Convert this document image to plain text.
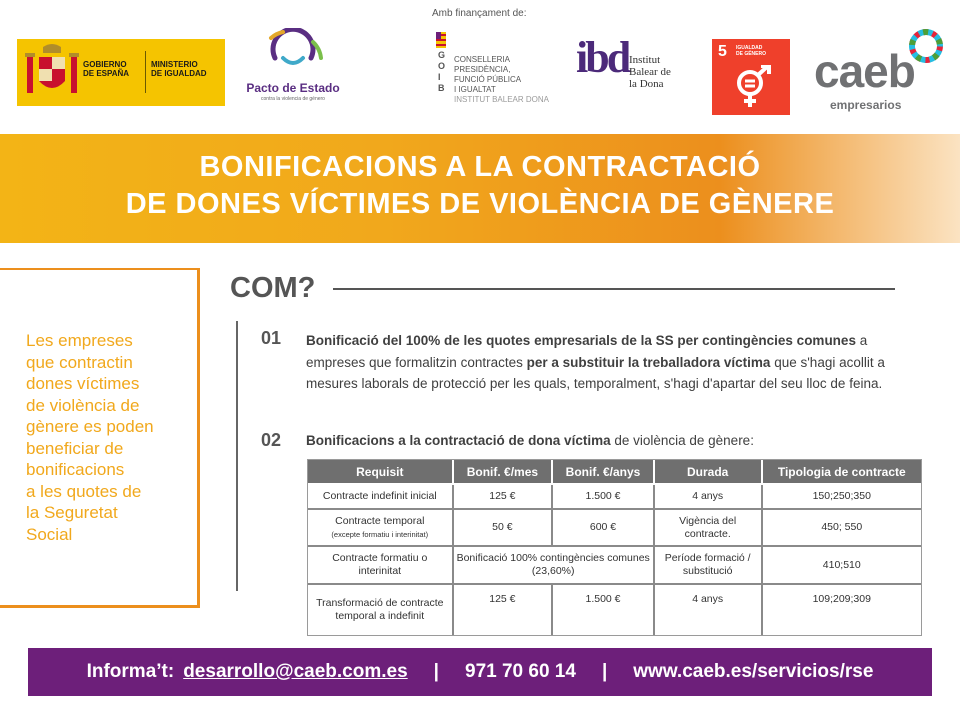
Amb finançament de:
GOBIERNO
DE ESPAÑA
MINISTERIO
DE IGUALDAD
Pacto de Estado
contra la violencia de género
G O I B
CONSELLERIA
PRESIDÈNCIA,
FUNCIÓ PÚBLICA
I IGUALTAT
INSTITUT BALEAR DONA
ibd Institut
Balear de
la Dona
5 IGUALDAD
DE GÉNERO	caeb
empresarios
BONIFICACIONS A LA CONTRACTACIÓ
DE DONES VÍCTIMES DE VIOLÈNCIA DE GÈNERE
Les empreses
que contractin
dones víctimes
de violència de
gènere es poden
beneficiar de
bonificacions
a les quotes de
la Seguretat
Social
COM?
01 Bonificació del 100% de les quotes empresarials de la SS per contingències comunes a empreses que formalitzin contractes per a substituir la treballadora víctima que s'hagi acollit a mesures laborals de protecció per les quals, temporalment, s'hagi d'apartar del seu lloc de feina.
02 Bonificacions a la contractació de dona víctima de violència de gènere:
Requisit	Bonif. €/mes	Bonif. €/anys	Durada	Tipologia de contracte
Contracte indefinit inicial	125 €	1.500 €	4 anys	150;250;350

Contracte temporal
(excepte formatiu i interinitat)	50 €	600 €	Vigència del contracte.	450; 550
Contracte formatiu o interinitat	Bonificació 100% contingències comunes (23,60%)		Període formació / substitució	410;510
Transformació de contracte temporal a indefinit	125 €	1.500 €	4 anys	109;209;309
Informa’t: desarrollo@caeb.com.es | 971 70 60 14 | www.caeb.es/servicios/rse
